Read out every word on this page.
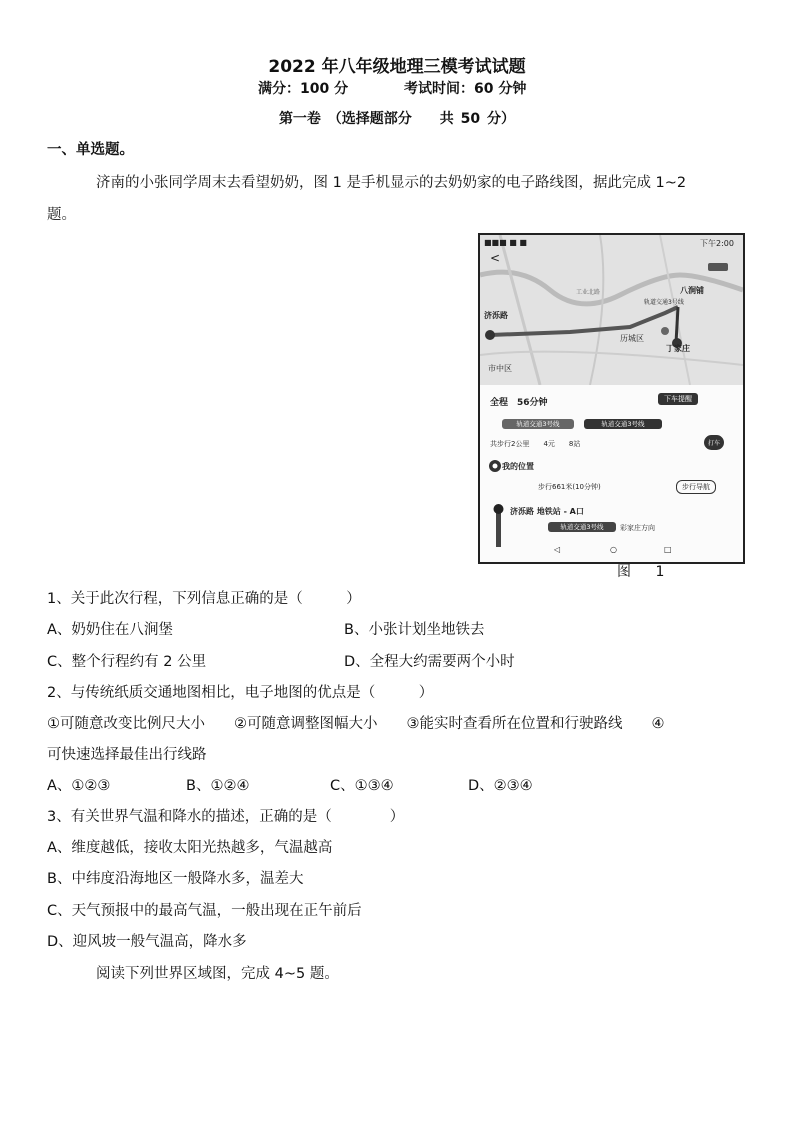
2022 年八年级地理三模考试试题
满分：100 分	考试时间：60 分钟
第一卷 （选择题部分　　共 50 分）
一、单选题。
济南的小张同学周末去看望奶奶，图 1 是手机显示的去奶奶家的电子路线图，据此完成 1~2
题。
■■■ ■ ■	下午2:00
<
八涧铺
轨道交通3号线
济泺路
历城区
丁家庄
市中区
工业北路
全程　56分钟	下车提醒
轨道交通3号线	轨道交通3号线
共步行2公里　　4元　　8站	打车
我的位置
步行661米(10分钟)	步行导航
济泺路 地铁站 - A口
轨道交通3号线	彩家庄方向
◁	○	□
图 1
1、关于此次行程，下列信息正确的是（　　　）
A、奶奶住在八涧堡	B、小张计划坐地铁去
C、整个行程约有 2 公里	D、全程大约需要两个小时
2、与传统纸质交通地图相比，电子地图的优点是（　　　）
①可随意改变比例尺大小　　②可随意调整图幅大小　　③能实时查看所在位置和行驶路线　　④
可快速选择最佳出行线路
A、①②③	B、①②④	C、①③④	D、②③④
3、有关世界气温和降水的描述，正确的是（　　　　）
A、维度越低，接收太阳光热越多，气温越高
B、中纬度沿海地区一般降水多，温差大
C、天气预报中的最高气温，一般出现在正午前后
D、迎风坡一般气温高，降水多
阅读下列世界区域图，完成 4~5 题。
